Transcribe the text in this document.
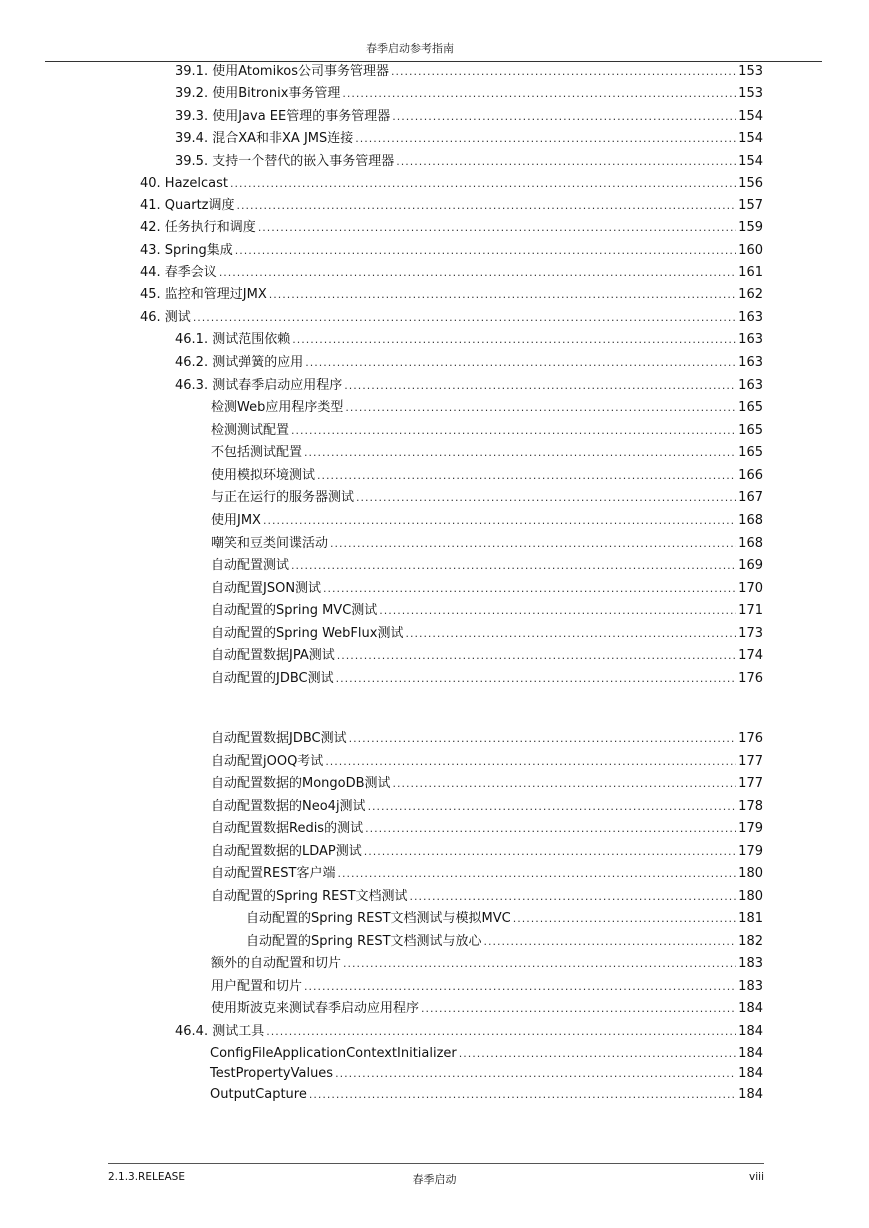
春季启动参考指南
39.1. 使用Atomikos公司事务管理器 .....	153
39.2. 使用Bitronix事务管理 .....	153
39.3. 使用Java EE管理的事务管理器 .....	154
39.4. 混合XA和非XA JMS连接 .....	154
39.5. 支持一个替代的嵌入事务管理器 .....	154
40. Hazelcast .....	156
41. Quartz调度 .....	157
42. 任务执行和调度 .....	159
43. Spring集成 .....	160
44. 春季会议 .....	161
45. 监控和管理过JMX .....	162
46. 测试 .....	163
46.1. 测试范围依赖 .....	163
46.2. 测试弹簧的应用 .....	163
46.3. 测试春季启动应用程序 .....	163
检测Web应用程序类型 .....	165
检测测试配置 .....	165
不包括测试配置 .....	165
使用模拟环境测试 .....	166
与正在运行的服务器测试 .....	167
使用JMX .....	168
嘲笑和豆类间谍活动 .....	168
自动配置测试 .....	169
自动配置JSON测试 .....	170
自动配置的Spring MVC测试 .....	171
自动配置的Spring WebFlux测试 .....	173
自动配置数据JPA测试 .....	174
自动配置的JDBC测试 .....	176
自动配置数据JDBC测试 .....	176
自动配置jOOQ考试 .....	177
自动配置数据的MongoDB测试 .....	177
自动配置数据的Neo4j测试 .....	178
自动配置数据Redis的测试 .....	179
自动配置数据的LDAP测试 .....	179
自动配置REST客户端 .....	180
自动配置的Spring REST文档测试 .....	180
自动配置的Spring REST文档测试与模拟MVC .....	181
自动配置的Spring REST文档测试与放心 .....	182
额外的自动配置和切片 .....	183
用户配置和切片 .....	183
使用斯波克来测试春季启动应用程序 .....	184
46.4. 测试工具 .....	184
ConfigFileApplicationContextInitializer .....	184
TestPropertyValues .....	184
OutputCapture .....	184
2.1.3.RELEASE	春季启动	viii
